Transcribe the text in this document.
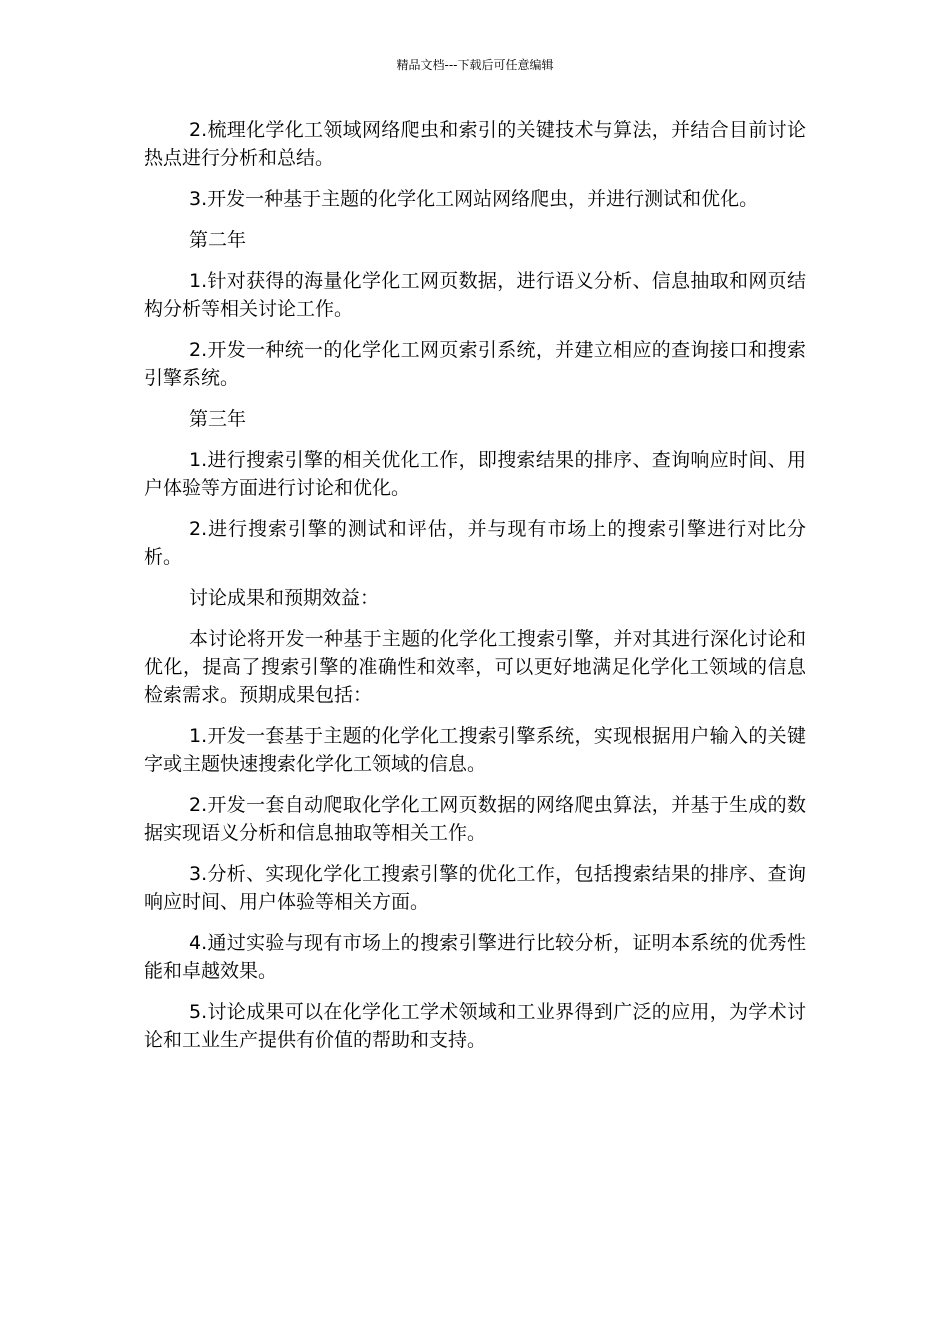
精品文档---下载后可任意编辑

2.梳理化学化工领域网络爬虫和索引的关键技术与算法，并结合目前讨论热点进行分析和总结。

3.开发一种基于主题的化学化工网站网络爬虫，并进行测试和优化。

第二年

1.针对获得的海量化学化工网页数据，进行语义分析、信息抽取和网页结构分析等相关讨论工作。

2.开发一种统一的化学化工网页索引系统，并建立相应的查询接口和搜索引擎系统。

第三年

1.进行搜索引擎的相关优化工作，即搜索结果的排序、查询响应时间、用户体验等方面进行讨论和优化。

2.进行搜索引擎的测试和评估，并与现有市场上的搜索引擎进行对比分析。

讨论成果和预期效益：

本讨论将开发一种基于主题的化学化工搜索引擎，并对其进行深化讨论和优化，提高了搜索引擎的准确性和效率，可以更好地满足化学化工领域的信息检索需求。预期成果包括：

1.开发一套基于主题的化学化工搜索引擎系统，实现根据用户输入的关键字或主题快速搜索化学化工领域的信息。

2.开发一套自动爬取化学化工网页数据的网络爬虫算法，并基于生成的数据实现语义分析和信息抽取等相关工作。

3.分析、实现化学化工搜索引擎的优化工作，包括搜索结果的排序、查询响应时间、用户体验等相关方面。

4.通过实验与现有市场上的搜索引擎进行比较分析，证明本系统的优秀性能和卓越效果。

5.讨论成果可以在化学化工学术领域和工业界得到广泛的应用，为学术讨论和工业生产提供有价值的帮助和支持。
